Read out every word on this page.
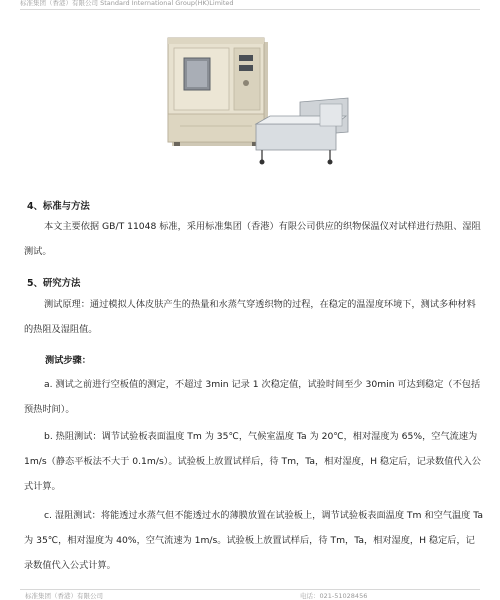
标准集团（香港）有限公司 Standard International Group(HK)Limited
4、标准与方法

本文主要依据 GB/T 11048 标准，采用标准集团（香港）有限公司供应的织物保温仪对试样进行热阻、湿阻测试。

5、研究方法

测试原理：通过模拟人体皮肤产生的热量和水蒸气穿透织物的过程，在稳定的温湿度环境下，测试多种材料的热阻及湿阻值。

测试步骤：

a. 测试之前进行空板值的测定，不超过 3min 记录 1 次稳定值，试验时间至少 30min 可达到稳定（不包括预热时间）。

b. 热阻测试：调节试验板表面温度 Tm 为 35℃，气候室温度 Ta 为 20℃，相对湿度为 65%，空气流速为 1m/s（静态平板法不大于 0.1m/s）。试验板上放置试样后，待 Tm，Ta，相对湿度，H 稳定后，记录数值代入公式计算。

c. 湿阻测试：将能透过水蒸气但不能透过水的薄膜放置在试验板上，调节试验板表面温度 Tm 和空气温度 Ta 为 35℃，相对湿度为 40%，空气流速为 1m/s。试验板上放置试样后，待 Tm，Ta，相对湿度，H 稳定后，记录数值代入公式计算。

标准集团（香港）有限公司	电话：021-51028456
